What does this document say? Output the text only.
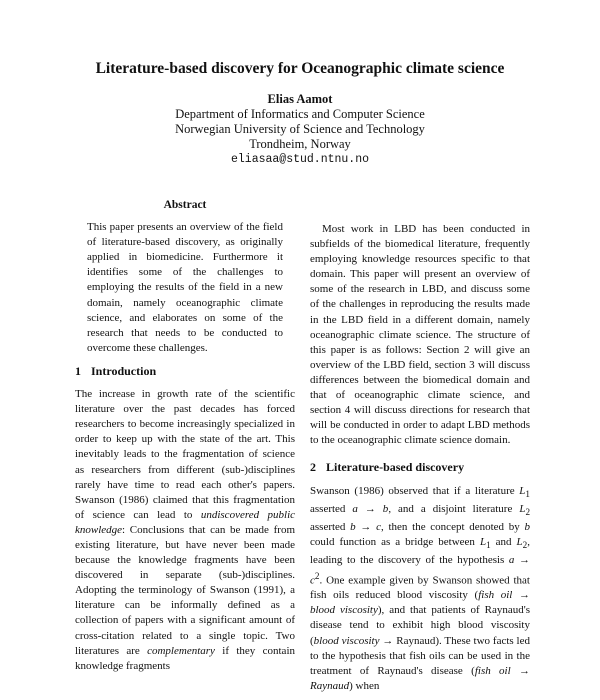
Literature-based discovery for Oceanographic climate science
Elias Aamot
Department of Informatics and Computer Science
Norwegian University of Science and Technology
Trondheim, Norway
eliasaa@stud.ntnu.no
Abstract
This paper presents an overview of the field of literature-based discovery, as originally applied in biomedicine. Furthermore it identifies some of the challenges to employing the results of the field in a new domain, namely oceanographic climate science, and elaborates on some of the research that needs to be conducted to overcome these challenges.
1 Introduction

The increase in growth rate of the scientific literature over the past decades has forced researchers to become increasingly specialized in order to keep up with the state of the art. This inevitably leads to the fragmentation of science as researchers from different (sub-)disciplines rarely have time to read each other's papers. Swanson (1986) claimed that this fragmentation of science can lead to undiscovered public knowledge: Conclusions that can be made from existing literature, but have never been made because the knowledge fragments have been discovered in separate (sub-)disciplines. Adopting the terminology of Swanson (1991), a literature can be informally defined as a collection of papers with a significant amount of cross-citation related to a single topic. Two literatures are complementary if they contain knowledge fragments

Most work in LBD has been conducted in subfields of the biomedical literature, frequently employing knowledge resources specific to that domain. This paper will present an overview of some of the research in LBD, and discuss some of the challenges in reproducing the results made in the LBD field in a different domain, namely oceanographic climate science. The structure of this paper is as follows: Section 2 will give an overview of the LBD field, section 3 will discuss differences between the biomedical domain and that of oceanographic climate science, and section 4 will discuss directions for research that will be conducted in order to adapt LBD methods to the oceanographic climate science domain.

2 Literature-based discovery

Swanson (1986) observed that if a literature $L_1$ asserted a → b, and a disjoint literature $L_2$ asserted b → c, then the concept denoted by b could function as a bridge between $L_1$ and $L_2$, leading to the discovery of the hypothesis $a \to c^2$. One example given by Swanson showed that fish oils reduced blood viscosity (fish oil → blood viscosity), and that patients of Raynaud's disease tend to exhibit high blood viscosity (blood viscosity → Raynaud). These two facts led to the hypothesis that fish oils can be used in the treatment of Raynaud's disease (fish oil → Raynaud) when
